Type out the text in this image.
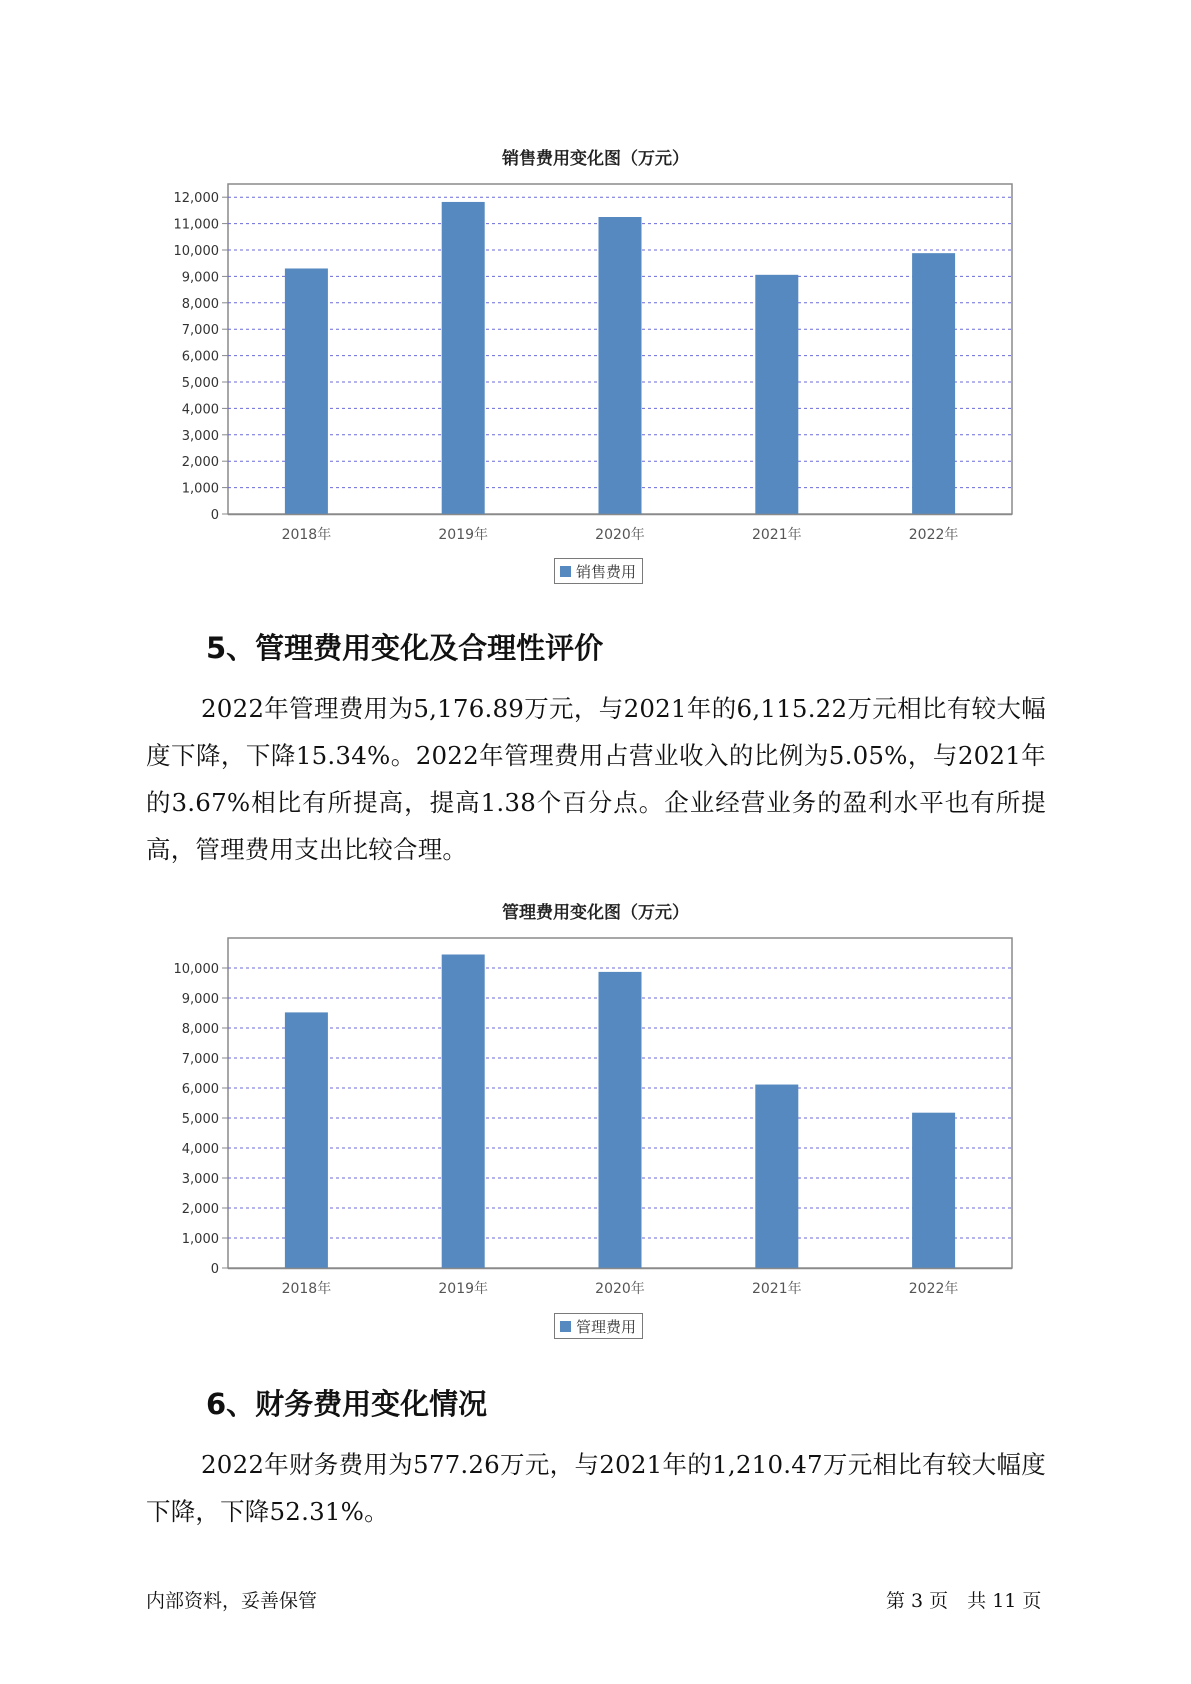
销售费用变化图（万元）
0
1,000
2,000
3,000
4,000
5,000
6,000
7,000
8,000
9,000
10,000
11,000
12,000
2018年	2019年	2020年	2021年	2022年
销售费用
5、管理费用变化及合理性评价

2022年管理费用为5,176.89万元，与2021年的6,115.22万元相比有较大幅度下降，下降15.34%。2022年管理费用占营业收入的比例为5.05%，与2021年的3.67%相比有所提高，提高1.38个百分点。企业经营业务的盈利水平也有所提高，管理费用支出比较合理。

管理费用变化图（万元）
0
1,000
2,000
3,000
4,000
5,000
6,000
7,000
8,000
9,000
10,000
2018年	2019年	2020年	2021年	2022年
管理费用
6、财务费用变化情况

2022年财务费用为577.26万元，与2021年的1,210.47万元相比有较大幅度下降，下降52.31%。

内部资料，妥善保管	第 3 页　共 11 页
